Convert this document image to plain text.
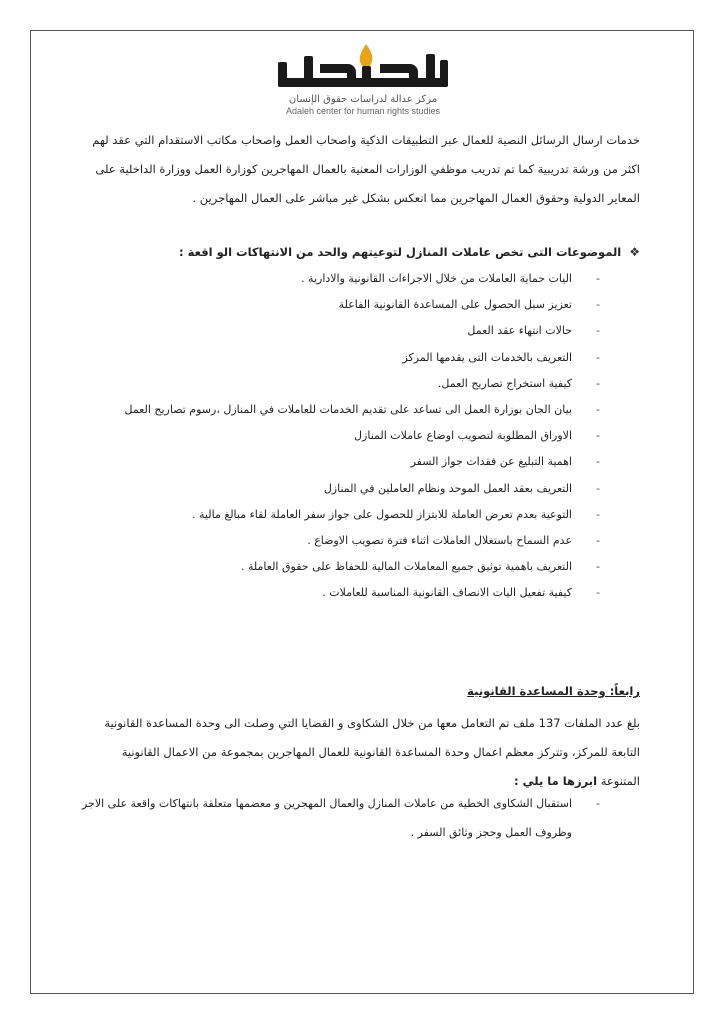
مركز عدالة لدراسات حقوق الإنسان
Adaleh center for human rights studies
خدمات ارسال الرسائل النصية للعمال عبر التطبيقات الذكية واصحاب العمل واصحاب مكاتب الاستقدام التي عقد لهم اكثر من ورشة تدريبية كما تم تدريب موظفي الوزارات المعنية بالعمال المهاجرين كوزارة العمل ووزارة الداخلية على المعاير الدولية وحقوق العمال المهاجرين مما انعكس بشكل غير مباشر على العمال المهاجرين .
❖الموضوعات التى تخص عاملات المنازل لتوعيتهم والحد من الانتهاكات الو اقعة :
-
اليات حماية العاملات من خلال الاجراءات القانونية والادارية .
-
تعزيز سبل الحصول على المساعدة القانونية الفاعلة
-
حالات انتهاء عقد العمل
-
التعريف بالخدمات التى يقدمها المركز
-
كيفية استخراج تصاريح العمل.
-
بيان الجان بوزارة العمل الى تساعد على تقديم الخدمات للعاملات في المنازل ،رسوم تصاريح العمل
-
الاوراق المطلوبة لتصويب اوضاع عاملات المنازل
-
اهمية التبليغ عن فقدات جواز السفر
-
التعريف بعقد العمل الموحد ونظام العاملين في المنازل
-
التوعية بعدم تعرض العاملة للابتزاز للحصول على جواز سفر العاملة لقاء مبالغ مالية .
-
عدم السماح باستغلال العاملات اثناء فترة تصويب الاوضاع .
-
التعريف باهمية توثيق جميع المعاملات المالية للحفاظ على حقوق العاملة .
-
كيفية تفعيل اليات الانصاف القانونية المناسبة للعاملات .
رابعاً: وحدة المساعدة القانونية
بلغ عدد الملفات 137 ملف تم التعامل معها من خلال الشكاوى و القضايا التي وصلت الى وحدة المساعدة القانونية التابعة للمركز، وتتركز معظم اعمال وحدة المساعدة القانونية للعمال المهاجرين بمجموعة من الاعمال القانونية المتنوعة ابرزها ما يلي :
-
استقبال الشكاوى الخطية من عاملات المنازل والعمال المهجرين و معضمها متعلقة بانتهاكات واقعة على الاجر وظروف العمل وحجز وثائق السفر .
